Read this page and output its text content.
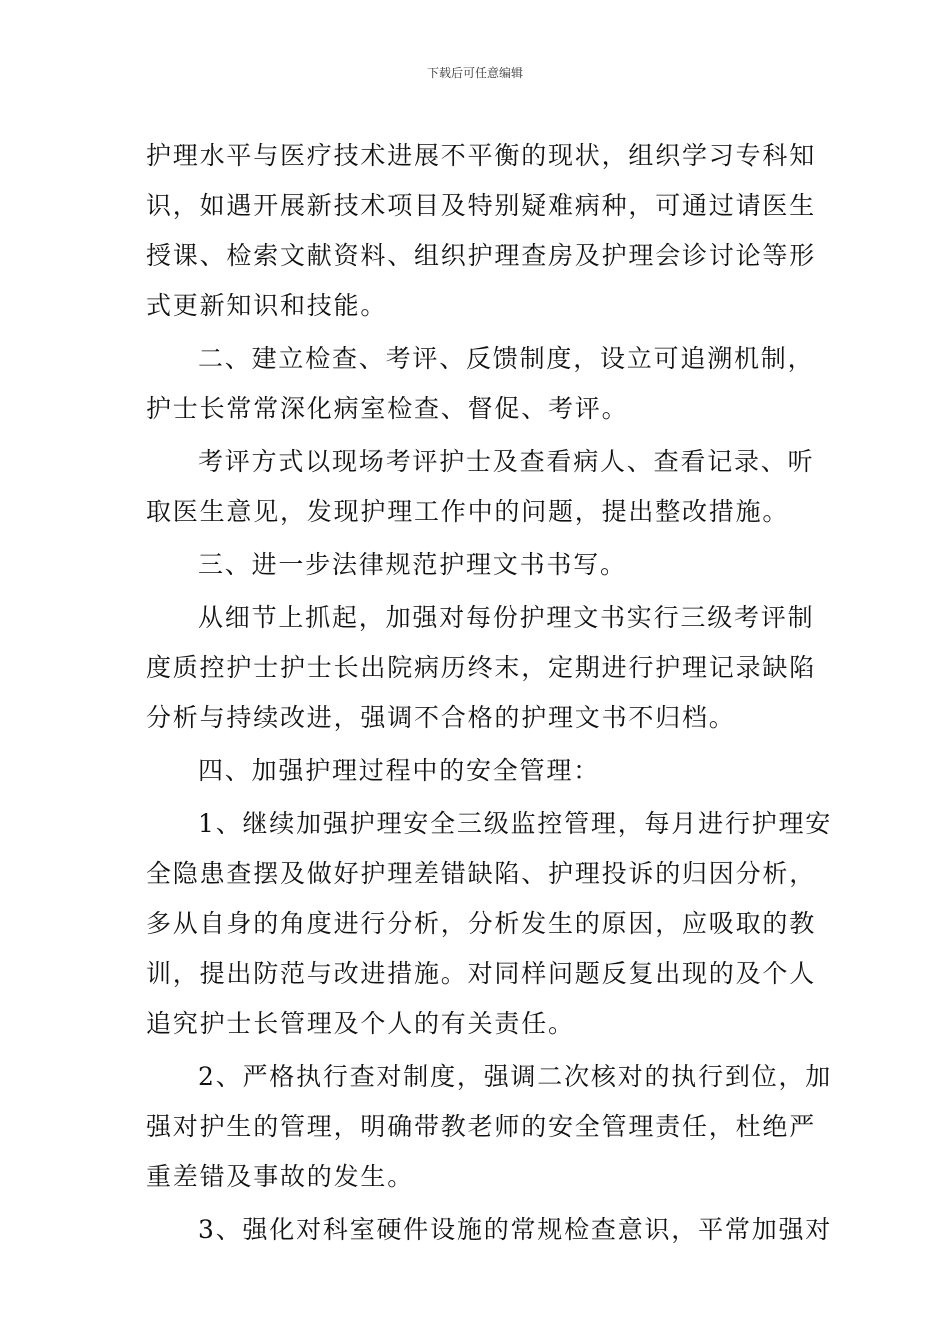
下载后可任意编辑
护理水平与医疗技术进展不平衡的现状，组织学习专科知
识，如遇开展新技术项目及特别疑难病种，可通过请医生
授课、检索文献资料、组织护理查房及护理会诊讨论等形
式更新知识和技能。
二、建立检查、考评、反馈制度，设立可追溯机制，
护士长常常深化病室检查、督促、考评。
考评方式以现场考评护士及查看病人、查看记录、听
取医生意见，发现护理工作中的问题，提出整改措施。
三、进一步法律规范护理文书书写。
从细节上抓起，加强对每份护理文书实行三级考评制
度质控护士护士长出院病历终末，定期进行护理记录缺陷
分析与持续改进，强调不合格的护理文书不归档。
四、加强护理过程中的安全管理：
1、继续加强护理安全三级监控管理，每月进行护理安
全隐患查摆及做好护理差错缺陷、护理投诉的归因分析，
多从自身的角度进行分析，分析发生的原因，应吸取的教
训，提出防范与改进措施。对同样问题反复出现的及个人
追究护士长管理及个人的有关责任。
2、严格执行查对制度，强调二次核对的执行到位，加
强对护生的管理，明确带教老师的安全管理责任，杜绝严
重差错及事故的发生。
3、强化对科室硬件设施的常规检查意识，平常加强对
